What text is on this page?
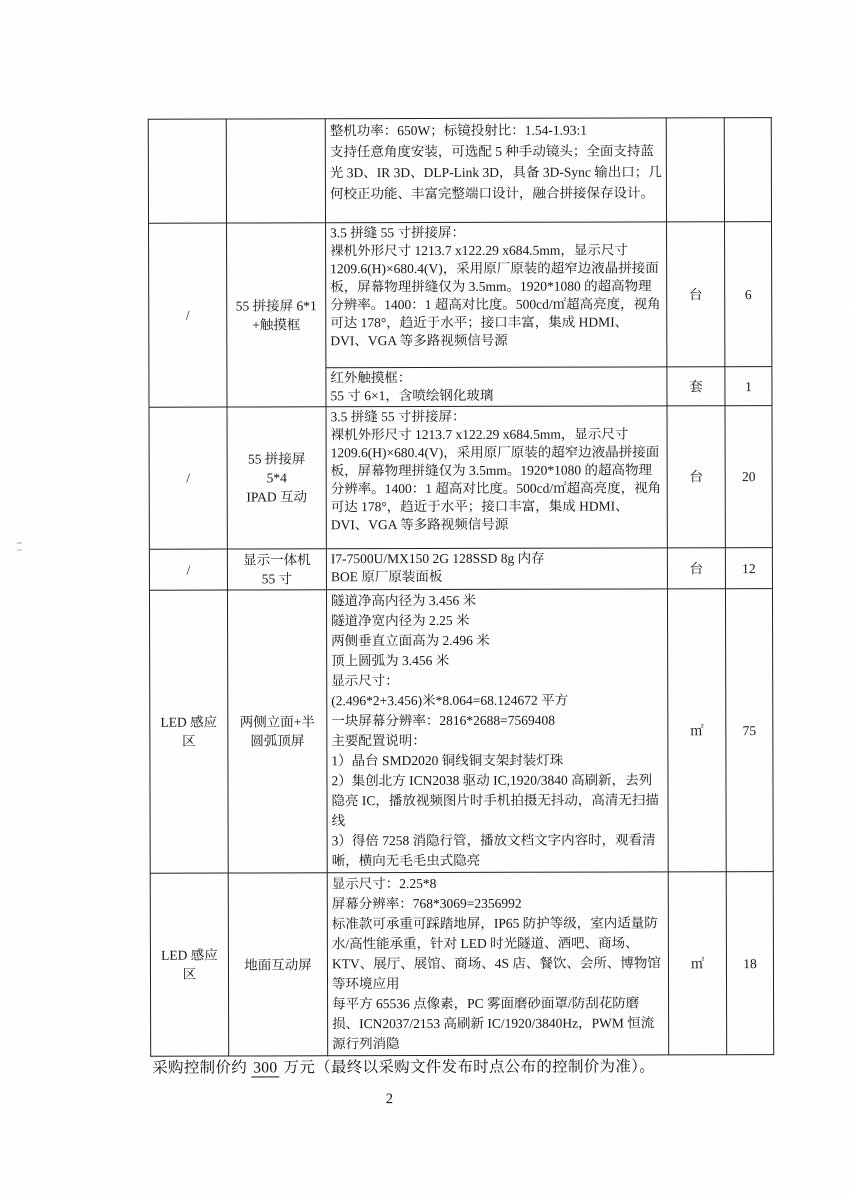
		整机功率：650W；标镜投射比：1.54-1.93:1
支持任意角度安装，可选配 5 种手动镜头；全面支持蓝光 3D、IR 3D、DLP-Link 3D，具备 3D-Sync 输出口；几何校正功能、丰富完整端口设计，融合拼接保存设计。		
/	55 拼接屏 6*1
+触摸框	3.5 拼缝 55 寸拼接屏：
裸机外形尺寸 1213.7 x122.29 x684.5mm，显示尺寸 1209.6(H)×680.4(V)，采用原厂原装的超窄边液晶拼接面板，屏幕物理拼缝仅为 3.5mm。1920*1080 的超高物理分辨率。1400：1 超高对比度。500cd/㎡超高亮度，视角可达 178°，趋近于水平；接口丰富，集成 HDMI、DVI、VGA 等多路视频信号源	台	6
		红外触摸框：
55 寸 6×1，含喷绘钢化玻璃	套	1
/	55 拼接屏
5*4
IPAD 互动	3.5 拼缝 55 寸拼接屏：
裸机外形尺寸 1213.7 x122.29 x684.5mm，显示尺寸 1209.6(H)×680.4(V)，采用原厂原装的超窄边液晶拼接面板，屏幕物理拼缝仅为 3.5mm。1920*1080 的超高物理分辨率。1400：1 超高对比度。500cd/㎡超高亮度，视角可达 178°，趋近于水平；接口丰富，集成 HDMI、DVI、VGA 等多路视频信号源	台	20
/	显示一体机
55 寸	I7-7500U/MX150 2G 128SSD 8g 内存
BOE 原厂原装面板	台	12
LED 感应区	两侧立面+半
圆弧顶屏	隧道净高内径为 3.456 米
隧道净宽内径为 2.25 米
两侧垂直立面高为 2.496 米
顶上圆弧为 3.456 米
显示尺寸：
(2.496*2+3.456)米*8.064=68.124672 平方
一块屏幕分辨率：2816*2688=7569408
主要配置说明：
1）晶台 SMD2020 铜线铜支架封装灯珠
2）集创北方 ICN2038 驱动 IC,1920/3840 高刷新，去列隐亮 IC，播放视频图片时手机拍摄无抖动，高清无扫描线
3）得倍 7258 消隐行管，播放文档文字内容时，观看清晰，横向无毛毛虫式隐亮	㎡	75
LED 感应区	地面互动屏	显示尺寸：2.25*8
屏幕分辨率：768*3069=2356992
标准款可承重可踩踏地屏，IP65 防护等级，室内适量防水/高性能承重，针对 LED 时光隧道、酒吧、商场、KTV、展厅、展馆、商场、4S 店、餐饮、会所、博物馆等环境应用
每平方 65536 点像素，PC 雾面磨砂面罩/防刮花防磨损、ICN2037/2153 高刷新 IC/1920/3840Hz，PWM 恒流源行列消隐	㎡	18
采购控制价约 300 万元（最终以采购文件发布时点公布的控制价为准）。
2
